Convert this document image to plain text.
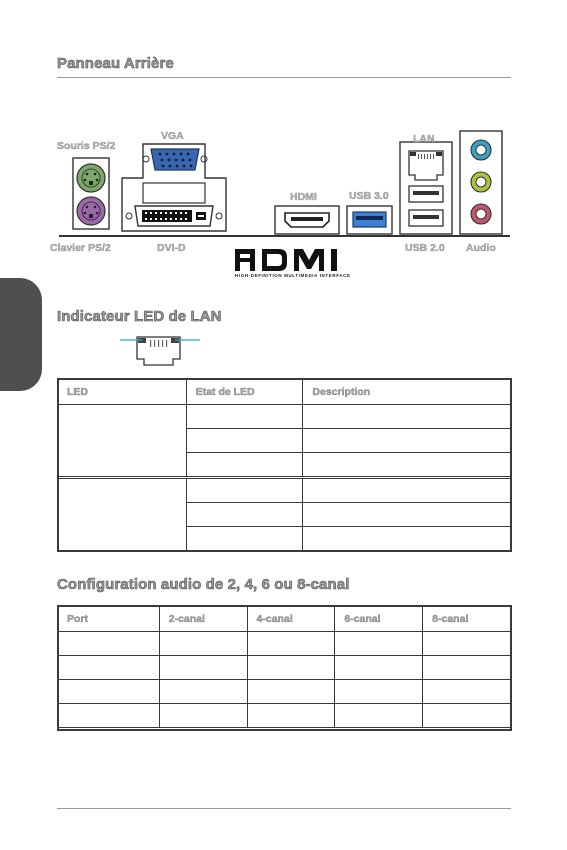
Panneau Arrière
Souris PS/2
VGA	LAN
HDMI	USB 3.0
Clavier PS/2	DVI-D	USB 2.0 Audio
HIGH-DEFINITION MULTIMEDIA INTERFACE
Indicateur LED de LAN
LED	Etat de LED	Description

Configuration audio de 2, 4, 6 ou 8-canal
Port	2-canal	4-canal	6-canal	8-canal
